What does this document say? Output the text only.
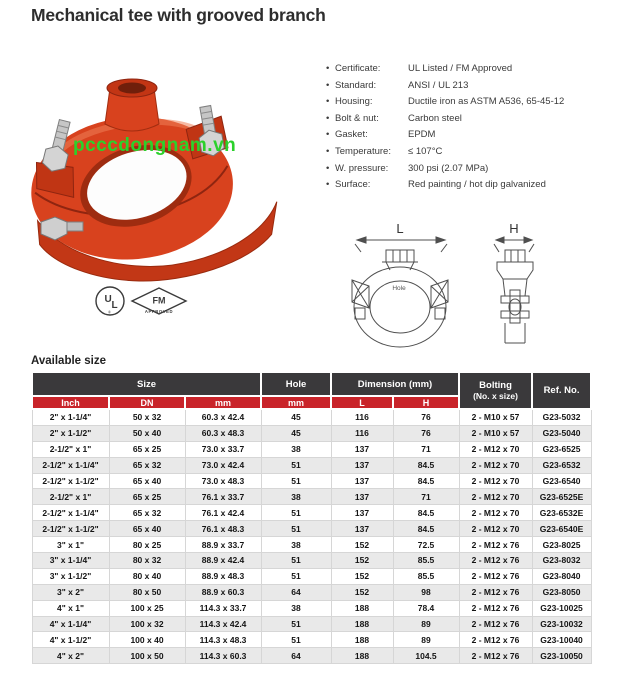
Mechanical tee with grooved branch
pcccdongnam.vn
U
L
®
FM
APPROVED
• Certificate:	UL Listed / FM Approved
• Standard:	ANSI / UL 213
• Housing:	Ductile iron as ASTM A536, 65-45-12
• Bolt & nut:	Carbon steel
• Gasket:	EPDM
• Temperature:	≤ 107°C
• W. pressure:	300 psi (2.07 MPa)
• Surface:	Red painting / hot dip galvanized
L	H
Hole
Available size
Size			Hole	Dimension (mm)		Bolting
(No. x size)	Ref. No.
Inch	DN	mm	mm	L	H		
2" x 1-1/4"	50 x 32	60.3 x 42.4	45	116	76	2 - M10 x 57	G23-5032
2" x 1-1/2"	50 x 40	60.3 x 48.3	45	116	76	2 - M10 x 57	G23-5040
2-1/2" x 1"	65 x 25	73.0 x 33.7	38	137	71	2 - M12 x 70	G23-6525
2-1/2" x 1-1/4"	65 x 32	73.0 x 42.4	51	137	84.5	2 - M12 x 70	G23-6532
2-1/2" x 1-1/2"	65 x 40	73.0 x 48.3	51	137	84.5	2 - M12 x 70	G23-6540
2-1/2" x 1"	65 x 25	76.1 x 33.7	38	137	71	2 - M12 x 70	G23-6525E
2-1/2" x 1-1/4"	65 x 32	76.1 x 42.4	51	137	84.5	2 - M12 x 70	G23-6532E
2-1/2" x 1-1/2"	65 x 40	76.1 x 48.3	51	137	84.5	2 - M12 x 70	G23-6540E
3" x 1"	80 x 25	88.9 x 33.7	38	152	72.5	2 - M12 x 76	G23-8025
3" x 1-1/4"	80 x 32	88.9 x 42.4	51	152	85.5	2 - M12 x 76	G23-8032
3" x 1-1/2"	80 x 40	88.9 x 48.3	51	152	85.5	2 - M12 x 76	G23-8040
3" x 2"	80 x 50	88.9 x 60.3	64	152	98	2 - M12 x 76	G23-8050
4" x 1"	100 x 25	114.3 x 33.7	38	188	78.4	2 - M12 x 76	G23-10025
4" x 1-1/4"	100 x 32	114.3 x 42.4	51	188	89	2 - M12 x 76	G23-10032
4" x 1-1/2"	100 x 40	114.3 x 48.3	51	188	89	2 - M12 x 76	G23-10040
4" x 2"	100 x 50	114.3 x 60.3	64	188	104.5	2 - M12 x 76	G23-10050
